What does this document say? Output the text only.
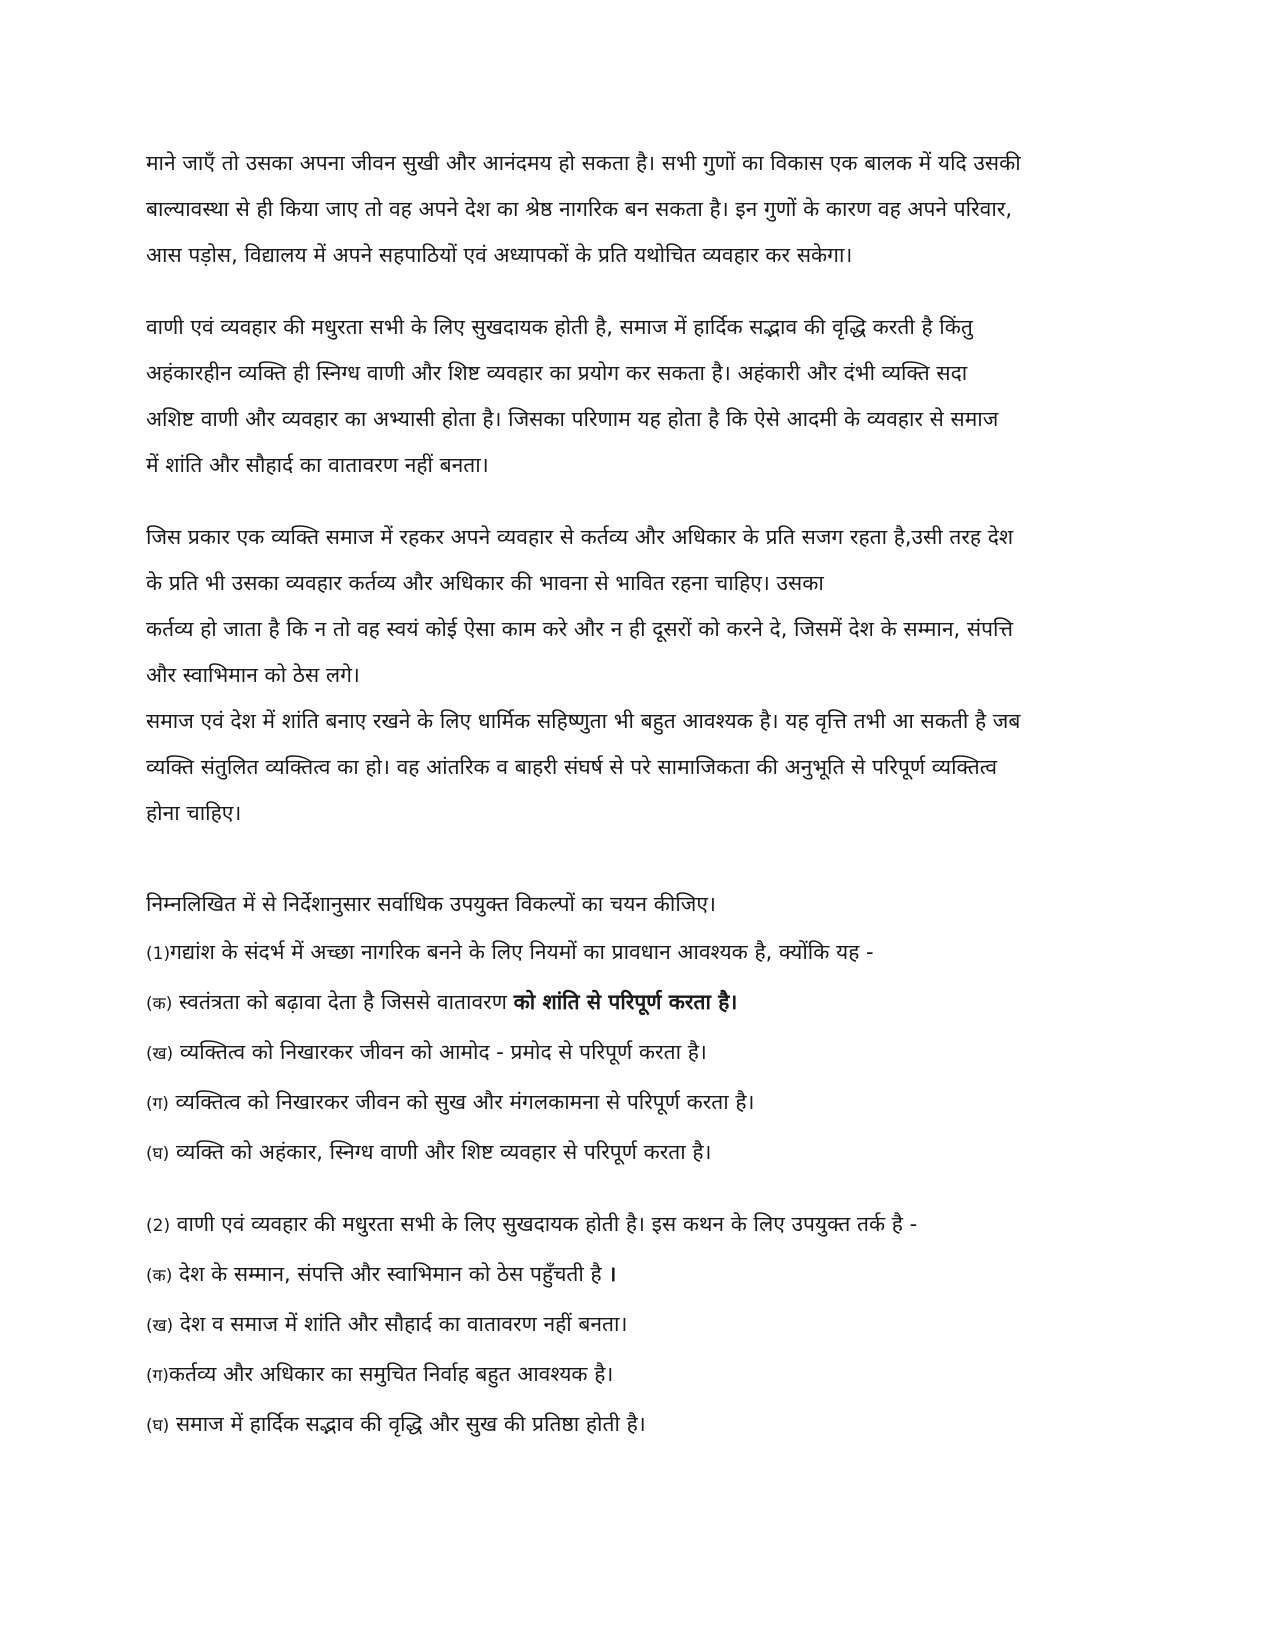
माने जाएँ तो उसका अपना जीवन सुखी और आनंदमय हो सकता है। सभी गुणों का विकास एक बालक में यदि उसकी
बाल्यावस्था से ही किया जाए तो वह अपने देश का श्रेष्ठ नागरिक बन सकता है। इन गुणों के कारण वह अपने परिवार,
आस पड़ोस, विद्यालय में अपने सहपाठियों एवं अध्यापकों के प्रति यथोचित व्यवहार कर सकेगा।
वाणी एवं व्यवहार की मधुरता सभी के लिए सुखदायक होती है, समाज में हार्दिक सद्भाव की वृद्धि करती है किंतु
अहंकारहीन व्यक्ति ही स्निग्ध वाणी और शिष्ट व्यवहार का प्रयोग कर सकता है। अहंकारी और दंभी व्यक्ति सदा
अशिष्ट वाणी और व्यवहार का अभ्यासी होता है। जिसका परिणाम यह होता है कि ऐसे आदमी के व्यवहार से समाज
में शांति और सौहार्द का वातावरण नहीं बनता।
जिस प्रकार एक व्यक्ति समाज में रहकर अपने व्यवहार से कर्तव्य और अधिकार के प्रति सजग रहता है,उसी तरह देश
के प्रति भी उसका व्यवहार कर्तव्य और अधिकार की भावना से भावित रहना चाहिए। उसका
कर्तव्य हो जाता है कि न तो वह स्वयं कोई ऐसा काम करे और न ही दूसरों को करने दे, जिसमें देश के सम्मान, संपत्ति
और स्वाभिमान को ठेस लगे।
समाज एवं देश में शांति बनाए रखने के लिए धार्मिक सहिष्णुता भी बहुत आवश्यक है। यह वृत्ति तभी आ सकती है जब
व्यक्ति संतुलित व्यक्तित्व का हो। वह आंतरिक व बाहरी संघर्ष से परे सामाजिकता की अनुभूति से परिपूर्ण व्यक्तित्व
होना चाहिए।
निम्नलिखित में से निर्देशानुसार सर्वाधिक उपयुक्त विकल्पों का चयन कीजिए।
(1)गद्यांश के संदर्भ में अच्छा नागरिक बनने के लिए नियमों का प्रावधान आवश्यक है, क्योंकि यह -
(क) स्वतंत्रता को बढ़ावा देता है जिससे वातावरण को शांति से परिपूर्ण करता है।
(ख) व्यक्तित्व को निखारकर जीवन को आमोद - प्रमोद से परिपूर्ण करता है।
(ग) व्यक्तित्व को निखारकर जीवन को सुख और मंगलकामना से परिपूर्ण करता है।
(घ) व्यक्ति को अहंकार, स्निग्ध वाणी और शिष्ट व्यवहार से परिपूर्ण करता है।
(2) वाणी एवं व्यवहार की मधुरता सभी के लिए सुखदायक होती है। इस कथन के लिए उपयुक्त तर्क है -
(क) देश के सम्मान, संपत्ति और स्वाभिमान को ठेस पहुँचती है ।
(ख) देश व समाज में शांति और सौहार्द का वातावरण नहीं बनता।
(ग)कर्तव्य और अधिकार का समुचित निर्वाह बहुत आवश्यक है।
(घ) समाज में हार्दिक सद्भाव की वृद्धि और सुख की प्रतिष्ठा होती है।
